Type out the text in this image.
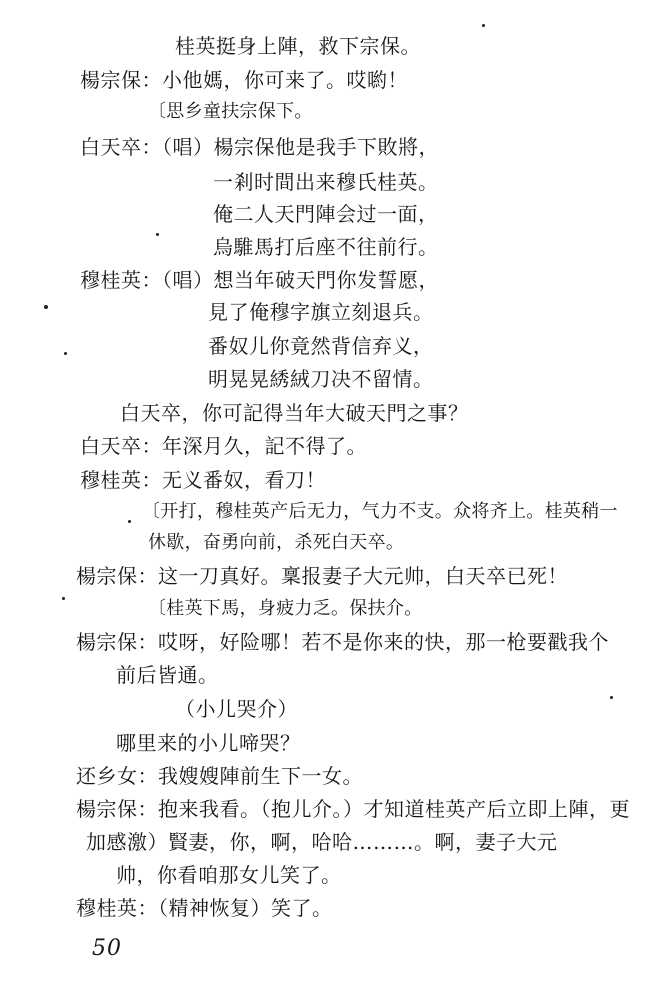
桂英挺身上陣，救下宗保。
楊宗保：小他媽，你可来了。哎喲！
〔思乡童扶宗保下。
白天卒：（唱）楊宗保他是我手下敗將，
一剎时間出来穆氏桂英。
俺二人天門陣会过一面，
烏騅馬打后座不往前行。
穆桂英：（唱）想当年破天門你发誓愿，
見了俺穆字旗立刻退兵。
番奴儿你竟然背信弃义，
明晃晃綉絨刀决不留情。
白天卒，你可記得当年大破天門之事？
白天卒：年深月久，記不得了。
穆桂英：无义番奴，看刀！
〔开打，穆桂英产后无力，气力不支。众将齐上。桂英稍一
休歇，奋勇向前，杀死白天卒。
楊宗保：这一刀真好。稟报妻子大元帅，白天卒已死！
〔桂英下馬，身疲力乏。保扶介。
楊宗保：哎呀，好险哪！若不是你来的快，那一枪要戳我个
前后皆通。
（小儿哭介）
哪里来的小儿啼哭？
还乡女：我嫂嫂陣前生下一女。
楊宗保：抱来我看。（抱儿介。）才知道桂英产后立即上陣，更
加感激）賢妻，你，啊，哈哈………。啊，妻子大元
帅，你看咱那女儿笑了。
穆桂英：（精神恢复）笑了。
50
